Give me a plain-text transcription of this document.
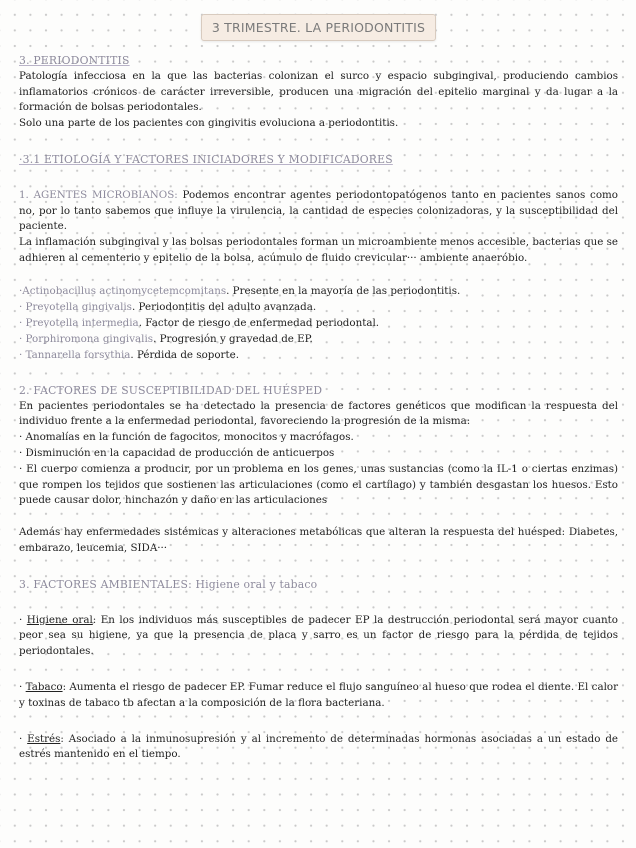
3 TRIMESTRE. LA PERIODONTITIS
3. PERIODONTITIS

Patología infecciosa en la que las bacterias colonizan el surco y espacio subgingival, produciendo cambios inflamatorios crónicos de carácter irreversible, producen una migración del epitelio marginal y da lugar a la formación de bolsas periodontales.

Solo una parte de los pacientes con gingivitis evoluciona a periodontitis.

·3.1 ETIOLOGÍA Y FACTORES INICIADORES Y MODIFICADORES

1. AGENTES MICROBIANOS: Podemos encontrar agentes periodontopatógenos tanto en pacientes sanos como no, por lo tanto sabemos que influye la virulencia, la cantidad de especies colonizadoras, y la susceptibilidad del paciente.

La inflamación subgingival y las bolsas periodontales forman un microambiente menos accesible, bacterias que se adhieren al cementerio y epitelio de la bolsa, acúmulo de fluido crevicular··· ambiente anaeróbio.

·Actinobacillus actinomycetemcomitans. Presente en la mayoría de las periodontitis.
· Prevotella gingivalis. Periodontitis del adulto avanzada.
· Prevotella intermedia. Factor de riesgo de enfermedad periodontal.
· Porphiromona gingivalis. Progresión y gravedad de EP.
· Tannarella forsythia. Pérdida de soporte.
2. FACTORES DE SUSCEPTIBILIDAD DEL HUÉSPED

En pacientes periodontales se ha detectado la presencia de factores genéticos que modifican la respuesta del individuo frente a la enfermedad periodontal, favoreciendo la progresión de la misma:

· Anomalías en la función de fagocitos, monocitos y macrófagos.

· Disminución en la capacidad de producción de anticuerpos

· El cuerpo comienza a producir, por un problema en los genes, unas sustancias (como la IL-1 o ciertas enzimas) que rompen los tejidos que sostienen las articulaciones (como el cartílago) y también desgastan los huesos. Esto puede causar dolor, hinchazón y daño en las articulaciones

Además hay enfermedades sistémicas y alteraciones metabólicas que alteran la respuesta del huésped: Diabetes, embarazo, leucemia, SIDA···

3. FACTORES AMBIENTALES: Higiene oral y tabaco

· Higiene oral: En los individuos más susceptibles de padecer EP la destrucción periodontal será mayor cuanto peor sea su higiene, ya que la presencia de placa y sarro es un factor de riesgo para la pérdida de tejidos periodontales.

· Tabaco: Aumenta el riesgo de padecer EP. Fumar reduce el flujo sanguíneo al hueso que rodea el diente. El calor y toxinas de tabaco tb afectan a la composición de la flora bacteriana.

· Estrés: Asociado a la inmunosupresión y al incremento de determinadas hormonas asociadas a un estado de estrés mantenido en el tiempo.
